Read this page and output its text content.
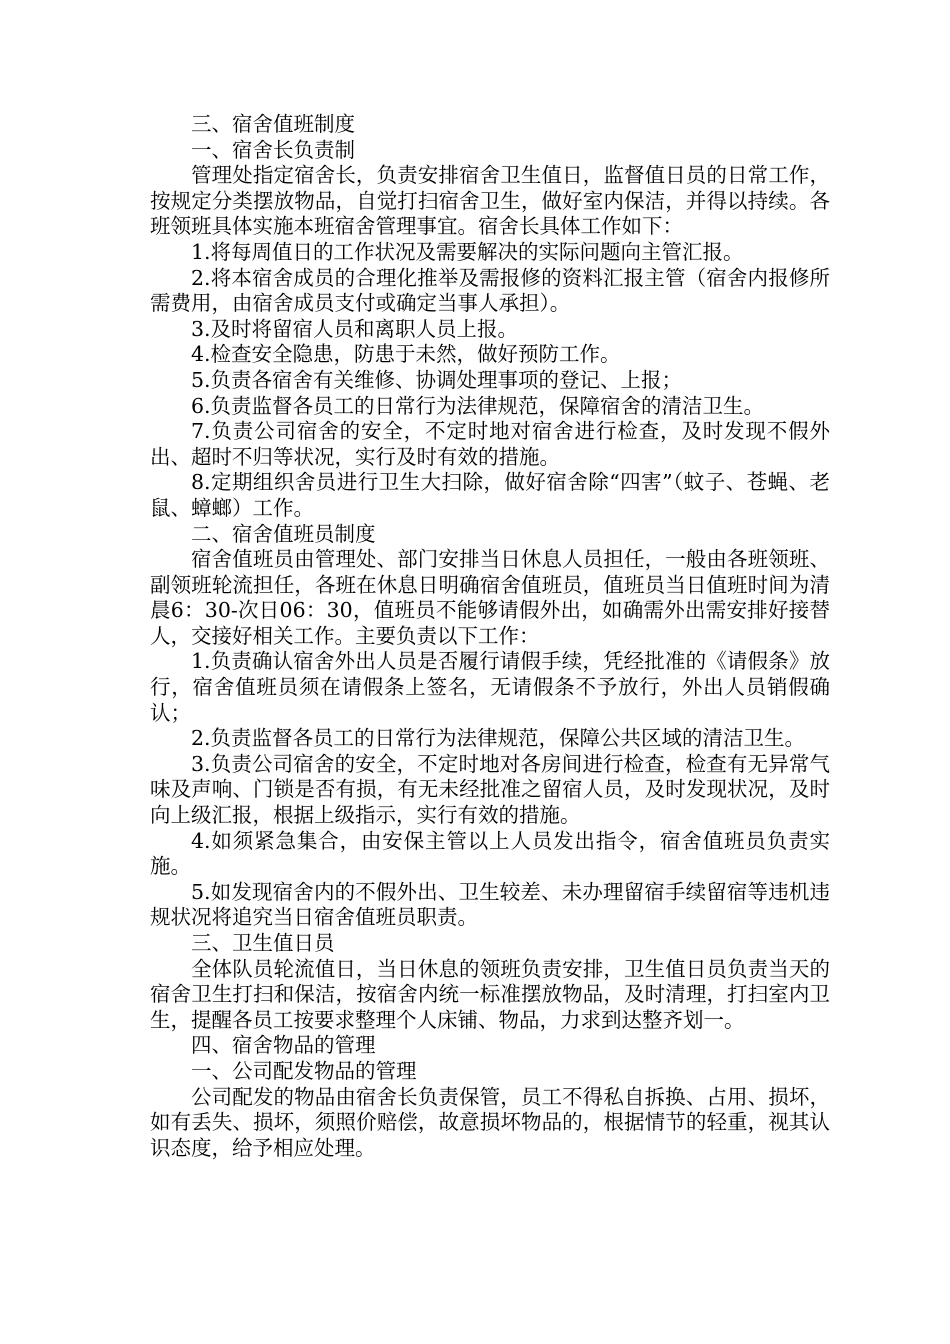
三、宿舍值班制度

一、宿舍长负责制

管理处指定宿舍长，负责安排宿舍卫生值日，监督值日员的日常工作，按规定分类摆放物品，自觉打扫宿舍卫生，做好室内保洁，并得以持续。各班领班具体实施本班宿舍管理事宜。宿舍长具体工作如下：

1.将每周值日的工作状况及需要解决的实际问题向主管汇报。

2.将本宿舍成员的合理化推举及需报修的资料汇报主管（宿舍内报修所需费用，由宿舍成员支付或确定当事人承担）。

3.及时将留宿人员和离职人员上报。

4.检查安全隐患，防患于未然，做好预防工作。

5.负责各宿舍有关维修、协调处理事项的登记、上报；

6.负责监督各员工的日常行为法律规范，保障宿舍的清洁卫生。

7.负责公司宿舍的安全，不定时地对宿舍进行检查，及时发现不假外出、超时不归等状况，实行及时有效的措施。

8.定期组织舍员进行卫生大扫除，做好宿舍除“四害”（蚊子、苍蝇、老鼠、蟑螂）工作。

二、宿舍值班员制度

宿舍值班员由管理处、部门安排当日休息人员担任，一般由各班领班、副领班轮流担任，各班在休息日明确宿舍值班员，值班员当日值班时间为清晨6：30-次日06：30，值班员不能够请假外出，如确需外出需安排好接替人，交接好相关工作。主要负责以下工作：

1.负责确认宿舍外出人员是否履行请假手续，凭经批准的《请假条》放行，宿舍值班员须在请假条上签名，无请假条不予放行，外出人员销假确认；

2.负责监督各员工的日常行为法律规范，保障公共区域的清洁卫生。

3.负责公司宿舍的安全，不定时地对各房间进行检查，检查有无异常气味及声响、门锁是否有损，有无未经批准之留宿人员，及时发现状况，及时向上级汇报，根据上级指示，实行有效的措施。

4.如须紧急集合，由安保主管以上人员发出指令，宿舍值班员负责实施。

5.如发现宿舍内的不假外出、卫生较差、未办理留宿手续留宿等违机违规状况将追究当日宿舍值班员职责。

三、卫生值日员

全体队员轮流值日，当日休息的领班负责安排，卫生值日员负责当天的宿舍卫生打扫和保洁，按宿舍内统一标准摆放物品，及时清理，打扫室内卫生，提醒各员工按要求整理个人床铺、物品，力求到达整齐划一。

四、宿舍物品的管理

一、公司配发物品的管理

公司配发的物品由宿舍长负责保管，员工不得私自拆换、占用、损坏，如有丢失、损坏，须照价赔偿，故意损坏物品的，根据情节的轻重，视其认识态度，给予相应处理。
